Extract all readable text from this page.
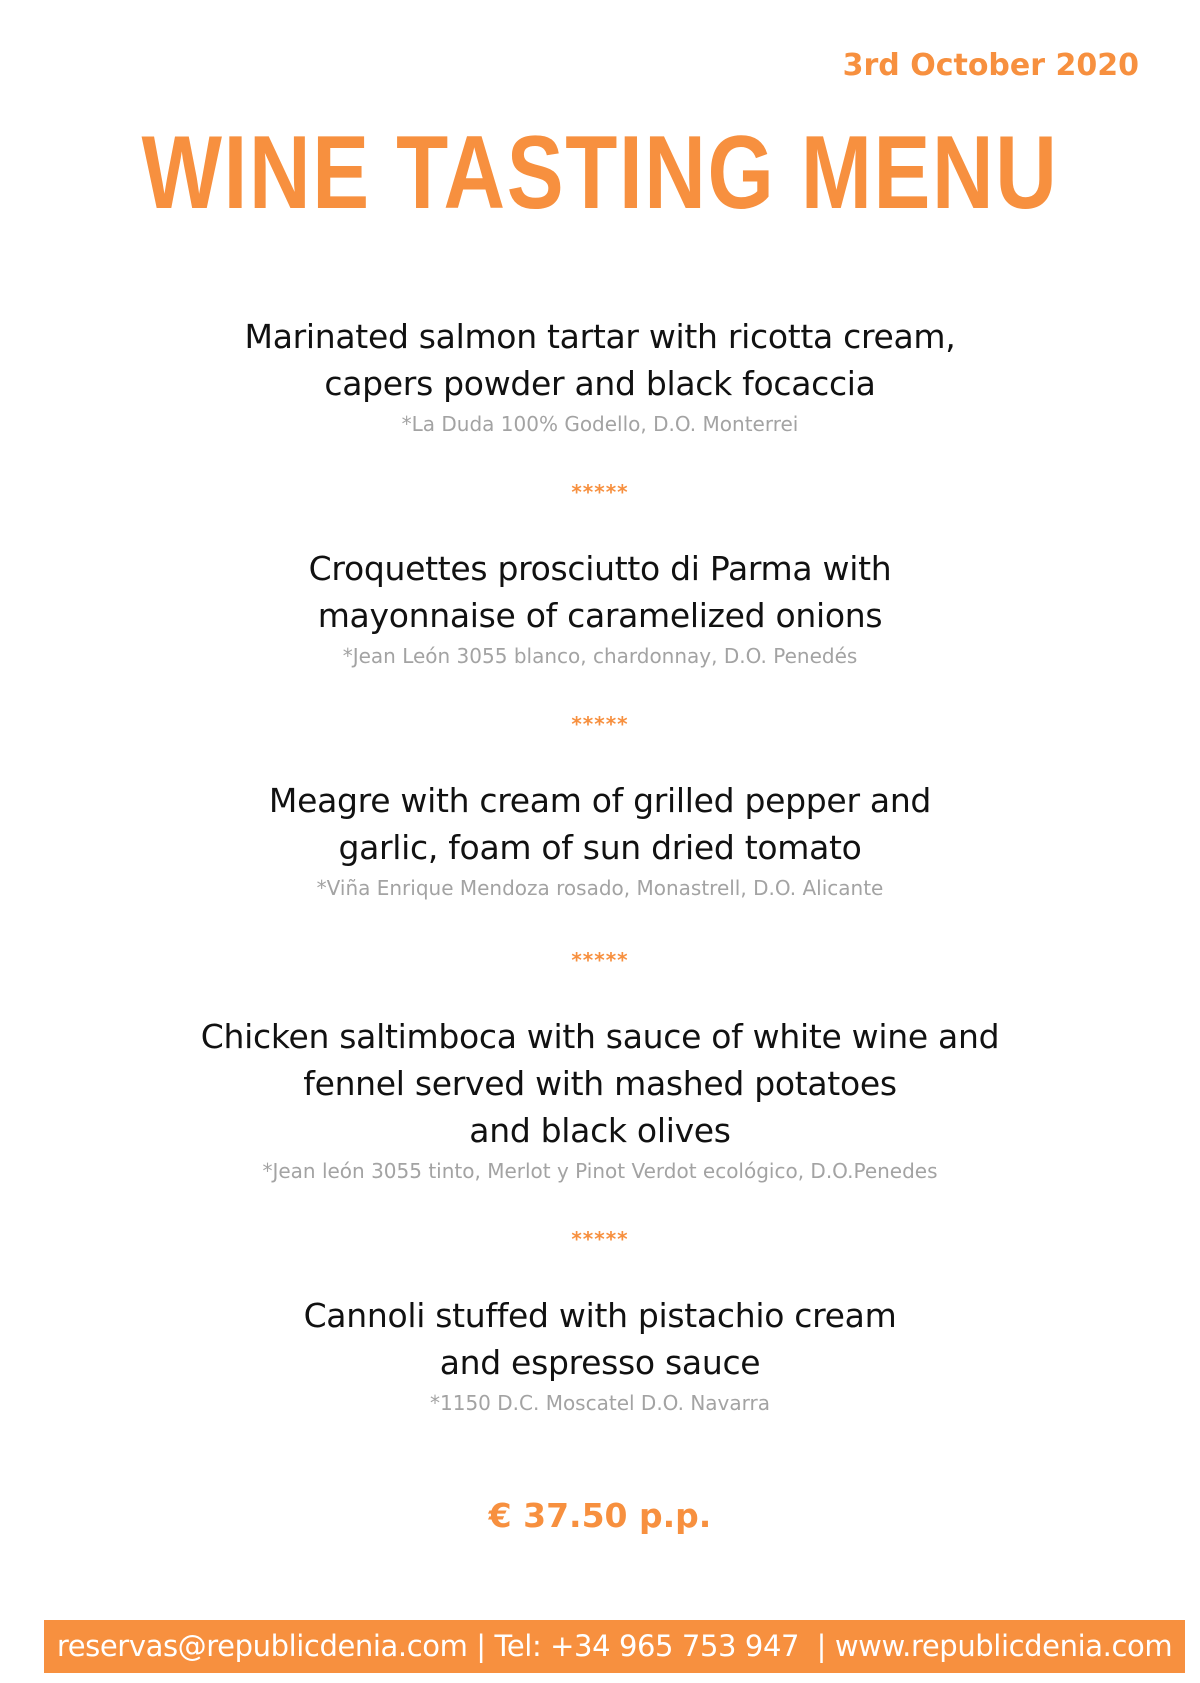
3rd October 2020
WINE TASTING MENU
Marinated salmon tartar with ricotta cream,
capers powder and black focaccia
*La Duda 100% Godello, D.O. Monterrei
*****
Croquettes prosciutto di Parma with
mayonnaise of caramelized onions
*Jean León 3055 blanco, chardonnay, D.O. Penedés
*****
Meagre with cream of grilled pepper and
garlic, foam of sun dried tomato
*Viña Enrique Mendoza rosado, Monastrell, D.O. Alicante
*****
Chicken saltimboca with sauce of white wine and
fennel served with mashed potatoes
and black olives
*Jean león 3055 tinto, Merlot y Pinot Verdot ecológico, D.O.Penedes
*****
Cannoli stuffed with pistachio cream
and espresso sauce
*1150 D.C. Moscatel D.O. Navarra
€ 37.50 p.p.
reservas@republicdenia.com | Tel: +34 965 753 947  | www.republicdenia.com
